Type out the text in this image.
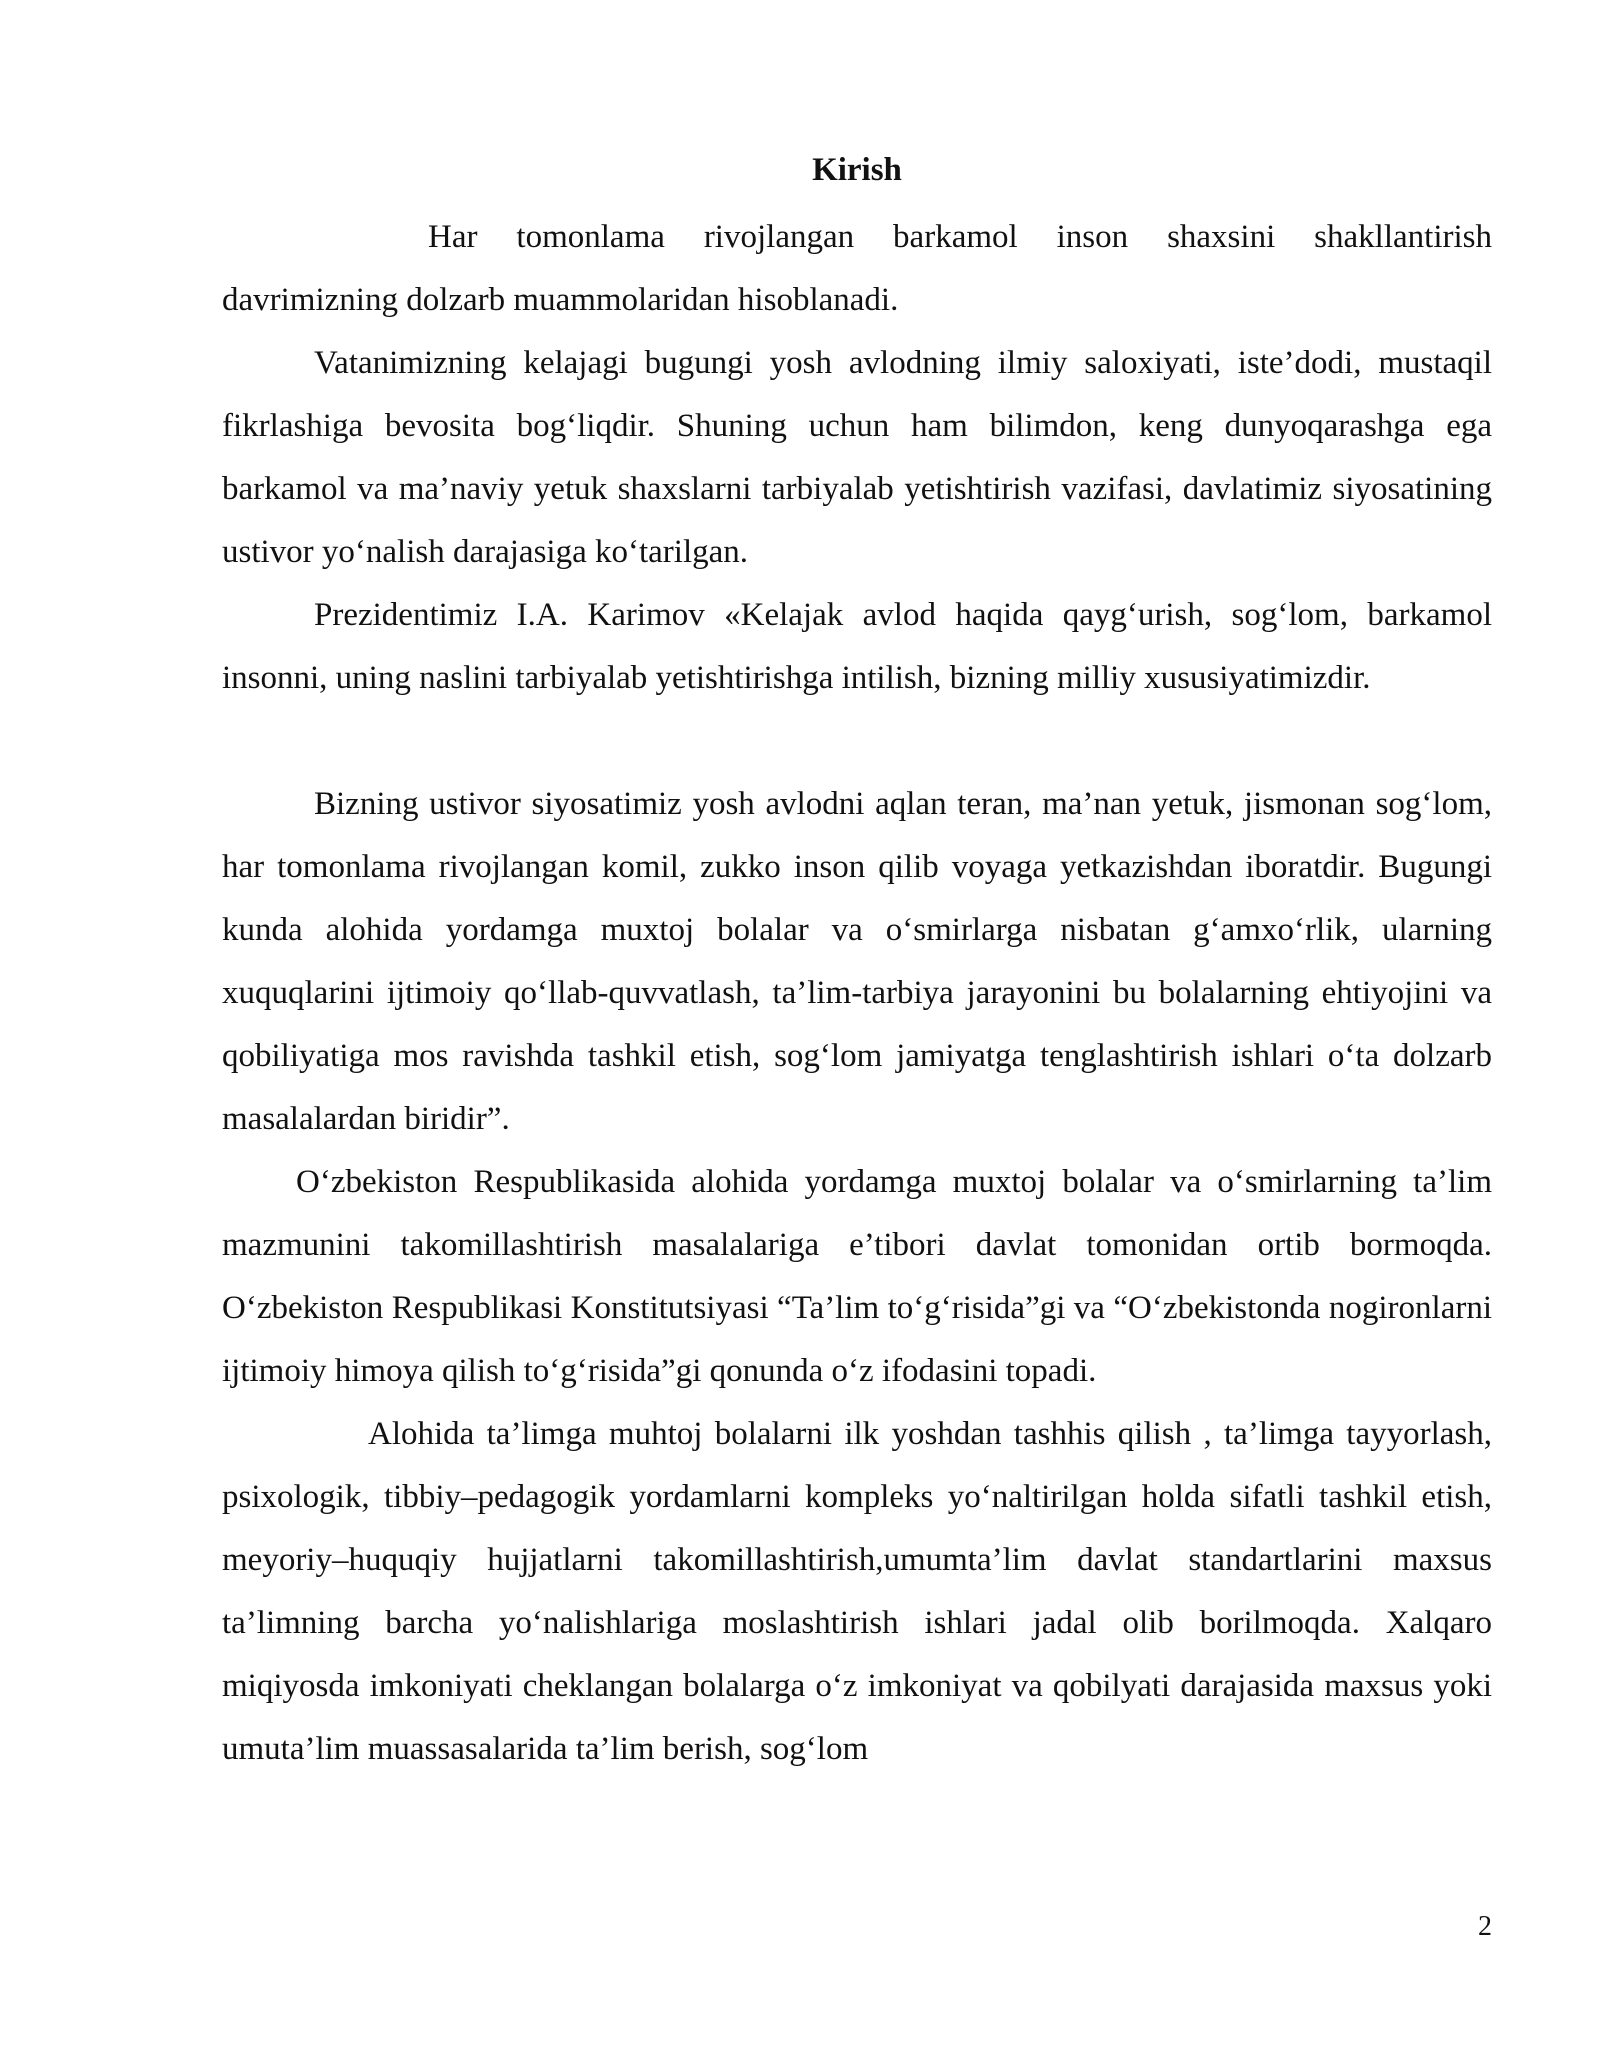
Kirish

Har tomonlama rivojlangan barkamol inson shaxsini shakllantirish davrimizning dolzarb muammolaridan hisoblanadi.

Vatanimizning kelajagi bugungi yosh avlodning ilmiy saloxiyati, iste’dodi, mustaqil fikrlashiga bevosita bog‘liqdir. Shuning uchun ham bilimdon, keng dunyoqarashga ega barkamol va ma’naviy yetuk shaxslarni tarbiyalab yetishtirish vazifasi, davlatimiz siyosatining ustivor yo‘nalish darajasiga ko‘tarilgan.

Prezidentimiz I.A. Karimov «Kelajak avlod haqida qayg‘urish, sog‘lom, barkamol insonni, uning naslini tarbiyalab yetishtirishga intilish, bizning milliy xususiyatimizdir.

Bizning ustivor siyosatimiz yosh avlodni aqlan teran, ma’nan yetuk, jismonan sog‘lom, har tomonlama rivojlangan komil, zukko inson qilib voyaga yetkazishdan iboratdir. Bugungi kunda alohida yordamga muxtoj bolalar va o‘smirlarga nisbatan g‘amxo‘rlik, ularning xuquqlarini ijtimoiy qo‘llab-quvvatlash, ta’lim-tarbiya jarayonini bu bolalarning ehtiyojini va qobiliyatiga mos ravishda tashkil etish, sog‘lom jamiyatga tenglashtirish ishlari o‘ta dolzarb masalalardan biridir”.

O‘zbekiston Respublikasida alohida yordamga muxtoj bolalar va o‘smirlarning ta’lim mazmunini takomillashtirish masalalariga e’tibori davlat tomonidan ortib bormoqda. O‘zbekiston Respublikasi Konstitutsiyasi “Ta’lim to‘g‘risida”gi va “O‘zbekistonda nogironlarni ijtimoiy himoya qilish to‘g‘risida”gi qonunda o‘z ifodasini topadi.

Alohida ta’limga muhtoj bolalarni ilk yoshdan tashhis qilish , ta’limga tayyorlash, psixologik, tibbiy–pedagogik yordamlarni kompleks yo‘naltirilgan holda sifatli tashkil etish, meyoriy–huquqiy hujjatlarni takomillashtirish,umumta’lim davlat standartlarini maxsus ta’limning barcha yo‘nalishlariga moslashtirish ishlari jadal olib borilmoqda. Xalqaro miqiyosda imkoniyati cheklangan bolalarga o‘z imkoniyat va qobilyati darajasida maxsus yoki umuta’lim muassasalarida ta’lim berish, sog‘lom

2
